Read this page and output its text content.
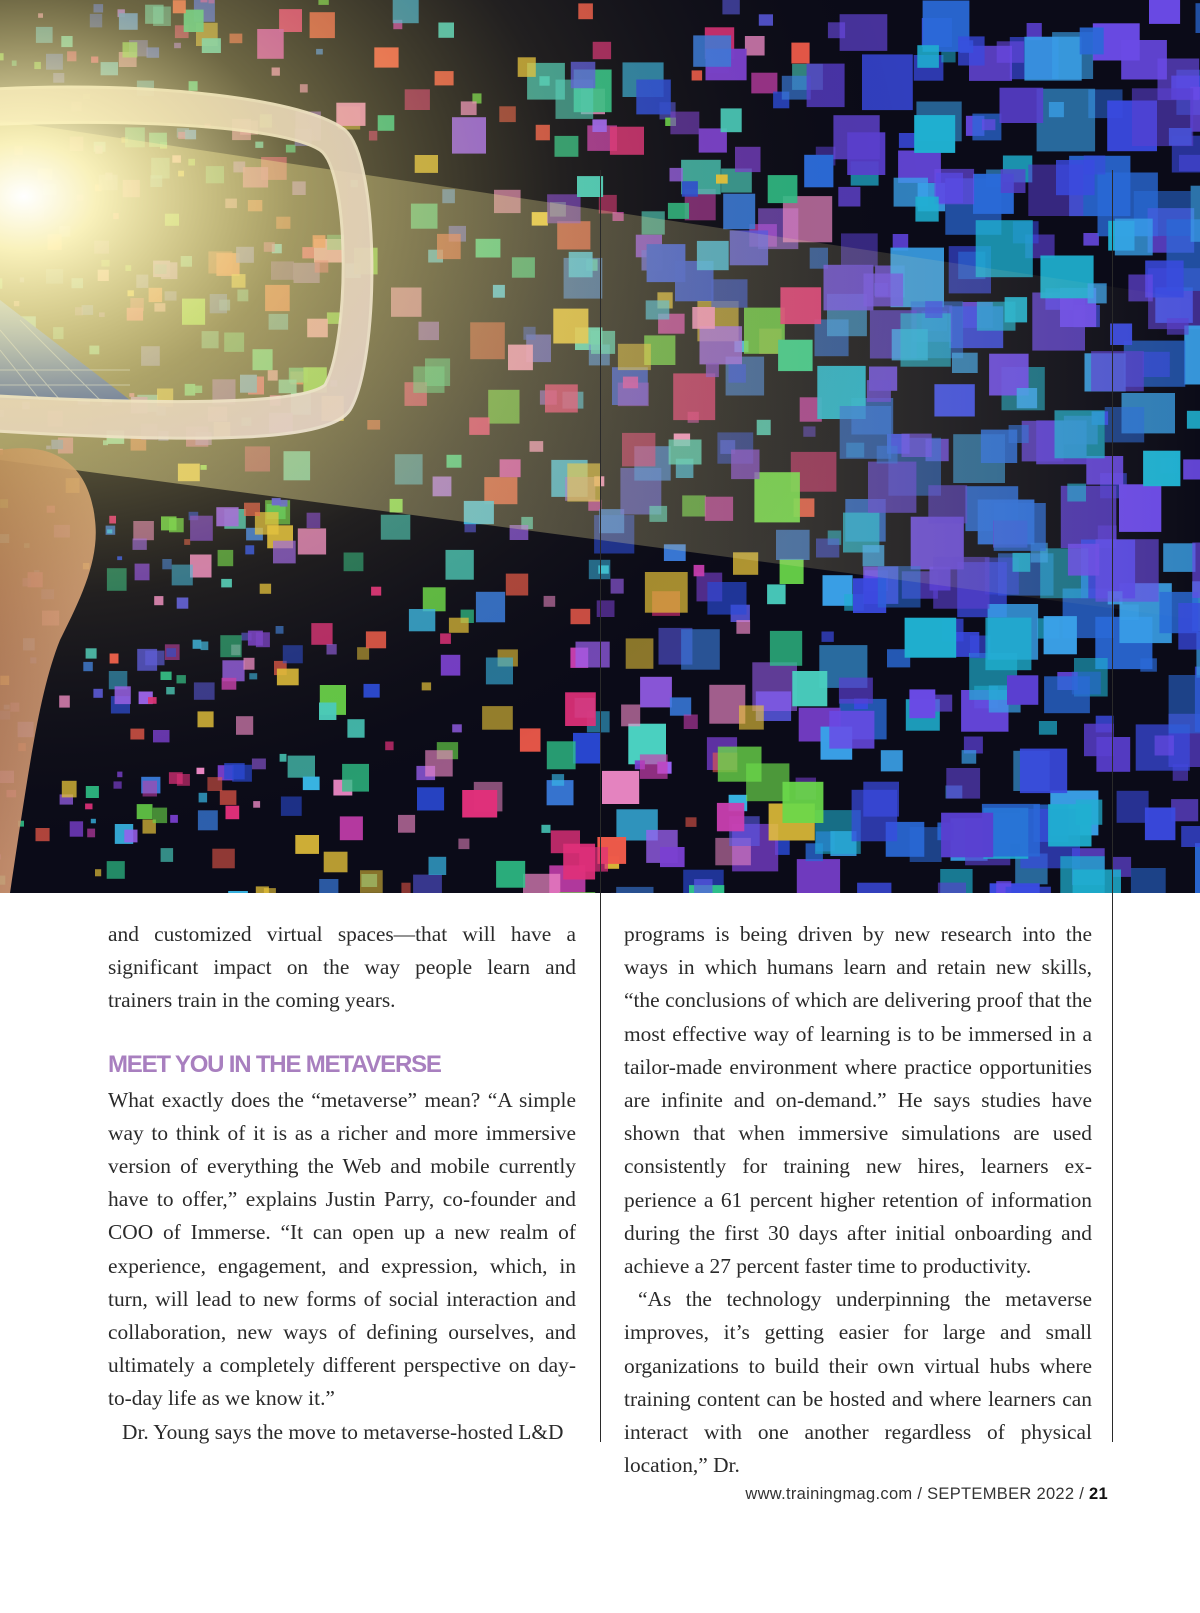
and customized virtual spaces—that will have a significant impact on the way people learn and trainers train in the coming years.

MEET YOU IN THE METAVERSE

What exactly does the “metaverse” mean? “A simple way to think of it is as a richer and more immersive version of everything the Web and mobile currently have to offer,” explains Justin Parry, co-founder and COO of Immerse. “It can open up a new realm of experience, engagement, and expression, which, in turn, will lead to new forms of social interaction and collaboration, new ways of defining ourselves, and ultimately a completely different perspective on day-to-day life as we know it.”

Dr. Young says the move to metaverse-hosted L&D

programs is being driven by new research into the ways in which humans learn and retain new skills, “the conclusions of which are delivering proof that the most effective way of learning is to be immersed in a tailor-made environment where practice opportunities are infinite and on-demand.” He says studies have shown that when immersive simulations are used consistently for training new hires, learners experience a 61 percent higher retention of information during the first 30 days after initial onboarding and achieve a 27 percent faster time to productivity.

“As the technology underpinning the metaverse improves, it’s getting easier for large and small organizations to build their own virtual hubs where training content can be hosted and where learners can interact with one another regardless of physical location,” Dr.

www.trainingmag.com / SEPTEMBER 2022 / 21
